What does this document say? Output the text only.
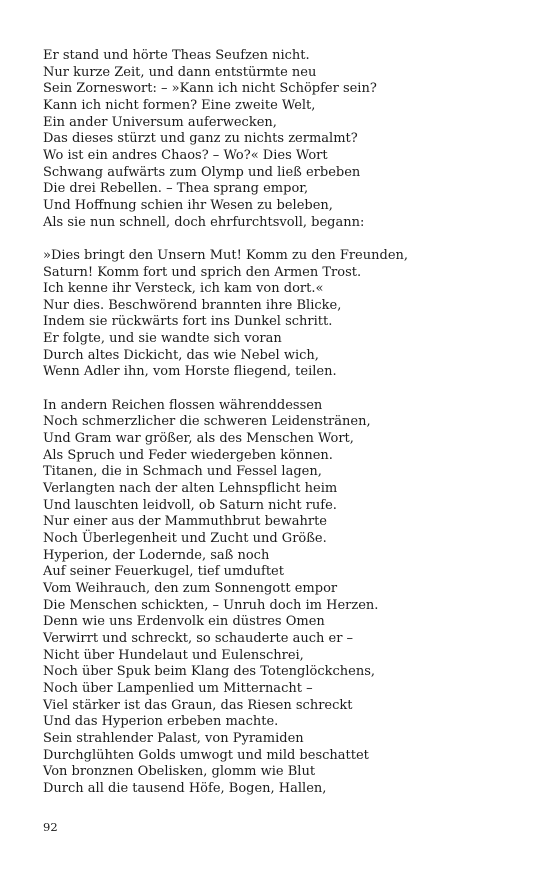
Er stand und hörte Theas Seufzen nicht.
Nur kurze Zeit, und dann entstürmte neu
Sein Zorneswort: – »Kann ich nicht Schöpfer sein?
Kann ich nicht formen? Eine zweite Welt,
Ein ander Universum auferwecken,
Das dieses stürzt und ganz zu nichts zermalmt?
Wo ist ein andres Chaos? – Wo?« Dies Wort
Schwang aufwärts zum Olymp und ließ erbeben
Die drei Rebellen. – Thea sprang empor,
Und Hoffnung schien ihr Wesen zu beleben,
Als sie nun schnell, doch ehrfurchtsvoll, begann:
»Dies bringt den Unsern Mut! Komm zu den Freunden,
Saturn! Komm fort und sprich den Armen Trost.
Ich kenne ihr Versteck, ich kam von dort.«
Nur dies. Beschwörend brannten ihre Blicke,
Indem sie rückwärts fort ins Dunkel schritt.
Er folgte, und sie wandte sich voran
Durch altes Dickicht, das wie Nebel wich,
Wenn Adler ihn, vom Horste fliegend, teilen.
In andern Reichen flossen währenddessen
Noch schmerzlicher die schweren Leidenstränen,
Und Gram war größer, als des Menschen Wort,
Als Spruch und Feder wiedergeben können.
Titanen, die in Schmach und Fessel lagen,
Verlangten nach der alten Lehnspflicht heim
Und lauschten leidvoll, ob Saturn nicht rufe.
Nur einer aus der Mammuthbrut bewahrte
Noch Überlegenheit und Zucht und Größe.
Hyperion, der Lodernde, saß noch
Auf seiner Feuerkugel, tief umduftet
Vom Weihrauch, den zum Sonnengott empor
Die Menschen schickten, – Unruh doch im Herzen.
Denn wie uns Erdenvolk ein düstres Omen
Verwirrt und schreckt, so schauderte auch er –
Nicht über Hundelaut und Eulenschrei,
Noch über Spuk beim Klang des Totenglöckchens,
Noch über Lampenlied um Mitternacht –
Viel stärker ist das Graun, das Riesen schreckt
Und das Hyperion erbeben machte.
Sein strahlender Palast, von Pyramiden
Durchglühten Golds umwogt und mild beschattet
Von bronznen Obelisken, glomm wie Blut
Durch all die tausend Höfe, Bogen, Hallen,
92
